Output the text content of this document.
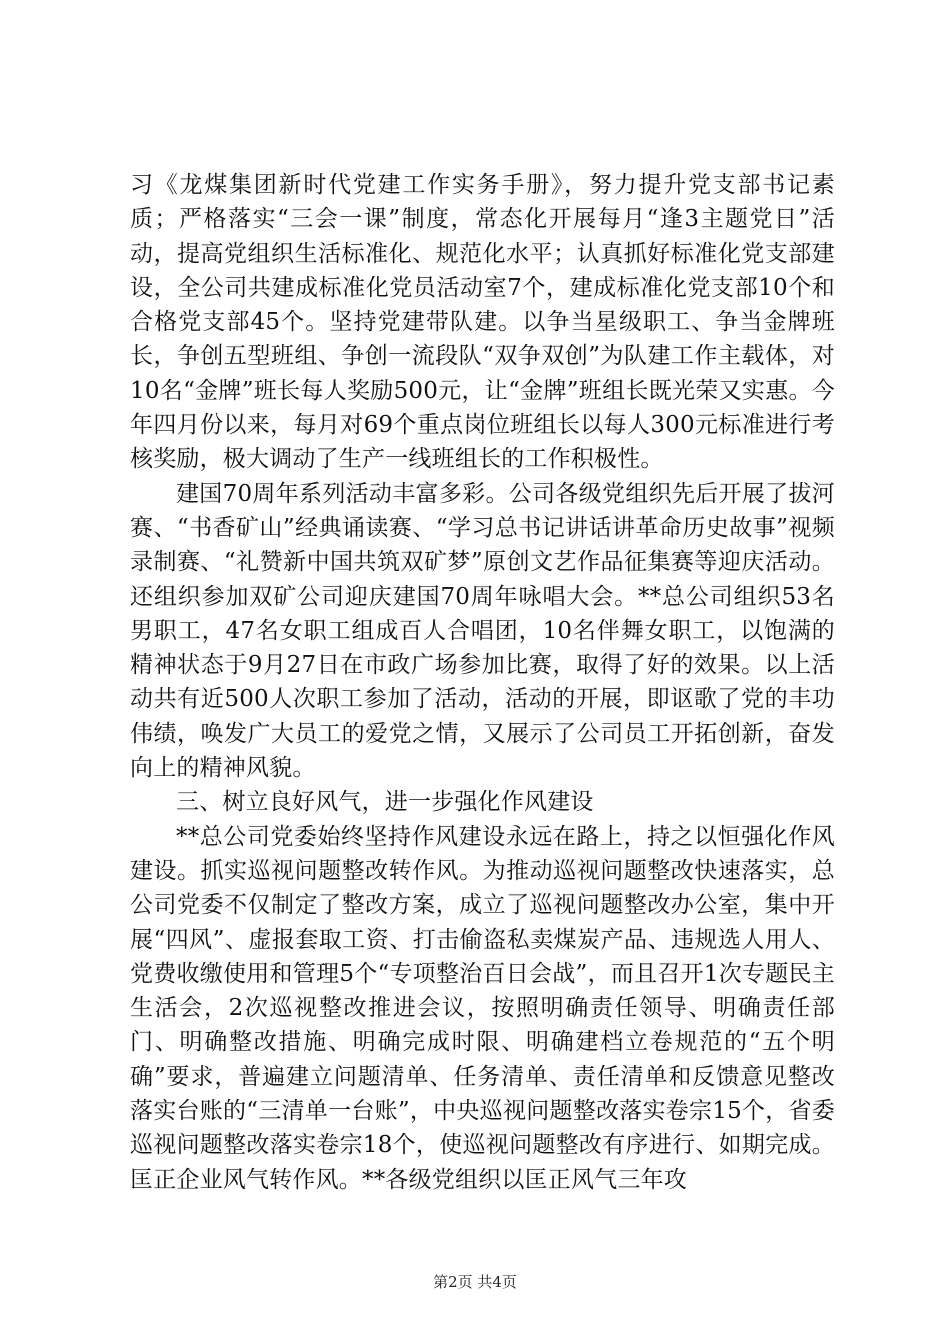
习《龙煤集团新时代党建工作实务手册》，努力提升党支部书记素质；严格落实“三会一课”制度，常态化开展每月“逢3主题党日”活动，提高党组织生活标准化、规范化水平；认真抓好标准化党支部建设，全公司共建成标准化党员活动室7个，建成标准化党支部10个和合格党支部45个。坚持党建带队建。以争当星级职工、争当金牌班长，争创五型班组、争创一流段队“双争双创”为队建工作主载体，对10名“金牌”班长每人奖励500元，让“金牌”班组长既光荣又实惠。今年四月份以来，每月对69个重点岗位班组长以每人300元标准进行考核奖励，极大调动了生产一线班组长的工作积极性。

建国70周年系列活动丰富多彩。公司各级党组织先后开展了拔河赛、“书香矿山”经典诵读赛、“学习总书记讲话讲革命历史故事”视频录制赛、“礼赞新中国共筑双矿梦”原创文艺作品征集赛等迎庆活动。还组织参加双矿公司迎庆建国70周年咏唱大会。**总公司组织53名男职工，47名女职工组成百人合唱团，10名伴舞女职工，以饱满的精神状态于9月27日在市政广场参加比赛，取得了好的效果。以上活动共有近500人次职工参加了活动，活动的开展，即讴歌了党的丰功伟绩，唤发广大员工的爱党之情，又展示了公司员工开拓创新，奋发向上的精神风貌。

三、树立良好风气，进一步强化作风建设

**总公司党委始终坚持作风建设永远在路上，持之以恒强化作风建设。抓实巡视问题整改转作风。为推动巡视问题整改快速落实，总公司党委不仅制定了整改方案，成立了巡视问题整改办公室，集中开展“四风”、虚报套取工资、打击偷盗私卖煤炭产品、违规选人用人、党费收缴使用和管理5个“专项整治百日会战”，而且召开1次专题民主生活会，2次巡视整改推进会议，按照明确责任领导、明确责任部门、明确整改措施、明确完成时限、明确建档立卷规范的“五个明确”要求，普遍建立问题清单、任务清单、责任清单和反馈意见整改落实台账的“三清单一台账”，中央巡视问题整改落实卷宗15个，省委巡视问题整改落实卷宗18个，使巡视问题整改有序进行、如期完成。匡正企业风气转作风。**各级党组织以匡正风气三年攻

第2页 共4页
